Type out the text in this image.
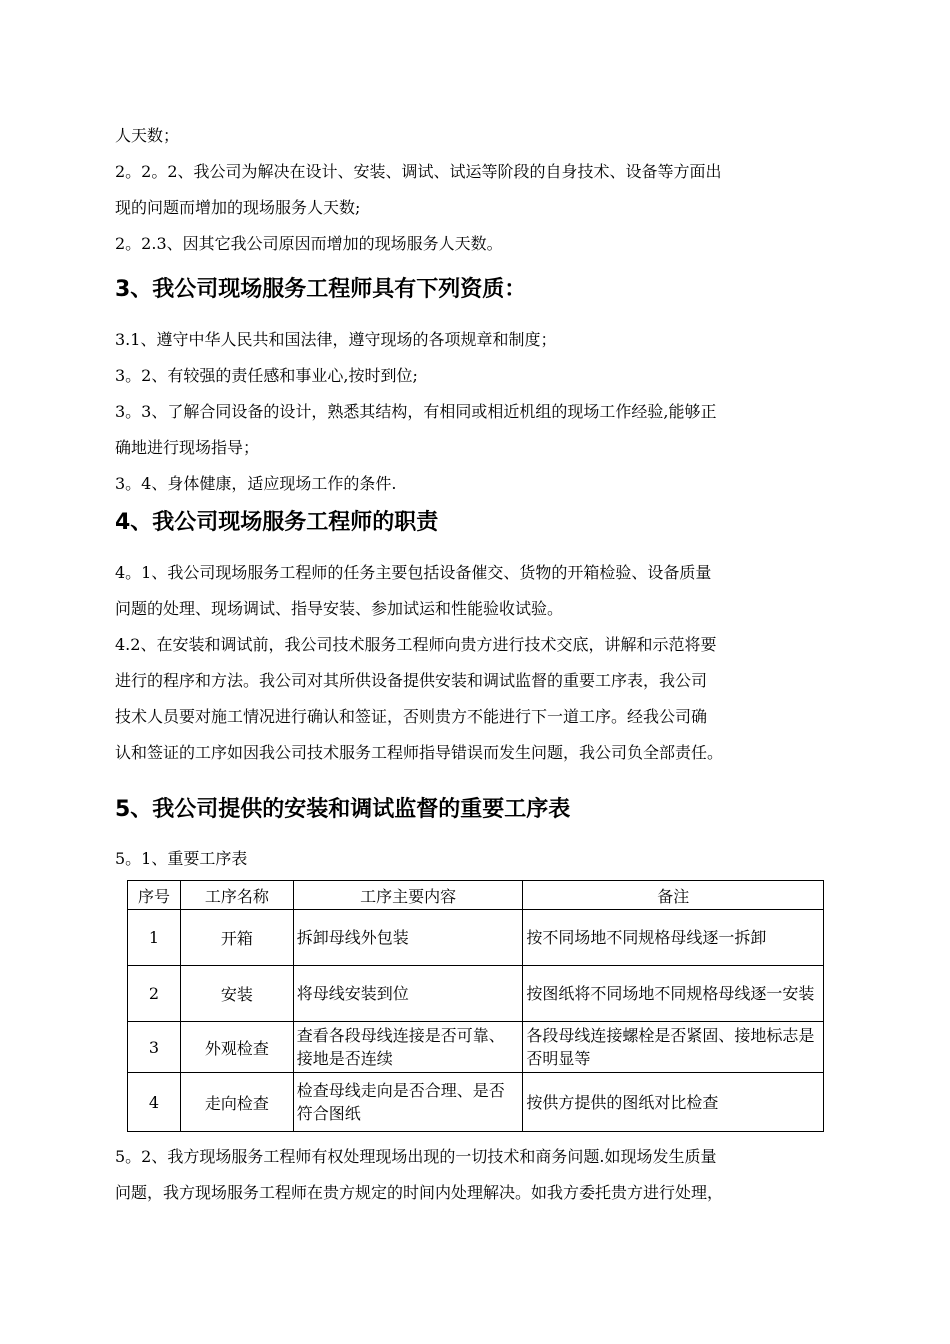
人天数；
2。2。2、我公司为解决在设计、安装、调试、试运等阶段的自身技术、设备等方面出
现的问题而增加的现场服务人天数;
2。2.3、因其它我公司原因而增加的现场服务人天数。
3、我公司现场服务工程师具有下列资质：
3.1、遵守中华人民共和国法律，遵守现场的各项规章和制度；
3。2、有较强的责任感和事业心,按时到位;
3。3、了解合同设备的设计，熟悉其结构，有相同或相近机组的现场工作经验,能够正
确地进行现场指导；
3。4、身体健康，适应现场工作的条件.
4、我公司现场服务工程师的职责
4。1、我公司现场服务工程师的任务主要包括设备催交、货物的开箱检验、设备质量
问题的处理、现场调试、指导安装、参加试运和性能验收试验。
4.2、在安装和调试前，我公司技术服务工程师向贵方进行技术交底，讲解和示范将要
进行的程序和方法。我公司对其所供设备提供安装和调试监督的重要工序表，我公司
技术人员要对施工情况进行确认和签证，否则贵方不能进行下一道工序。经我公司确
认和签证的工序如因我公司技术服务工程师指导错误而发生问题，我公司负全部责任。
5、我公司提供的安装和调试监督的重要工序表
5。1、重要工序表
序号	工序名称	工序主要内容	备注
1	开箱	拆卸母线外包装	按不同场地不同规格母线逐一拆卸
2	安装	将母线安装到位	按图纸将不同场地不同规格母线逐一安装
3	外观检查	查看各段母线连接是否可靠、接地是否连续	各段母线连接螺栓是否紧固、接地标志是否明显等
4	走向检查	检查母线走向是否合理、是否符合图纸	按供方提供的图纸对比检查
5。2、我方现场服务工程师有权处理现场出现的一切技术和商务问题.如现场发生质量
问题，我方现场服务工程师在贵方规定的时间内处理解决。如我方委托贵方进行处理，
